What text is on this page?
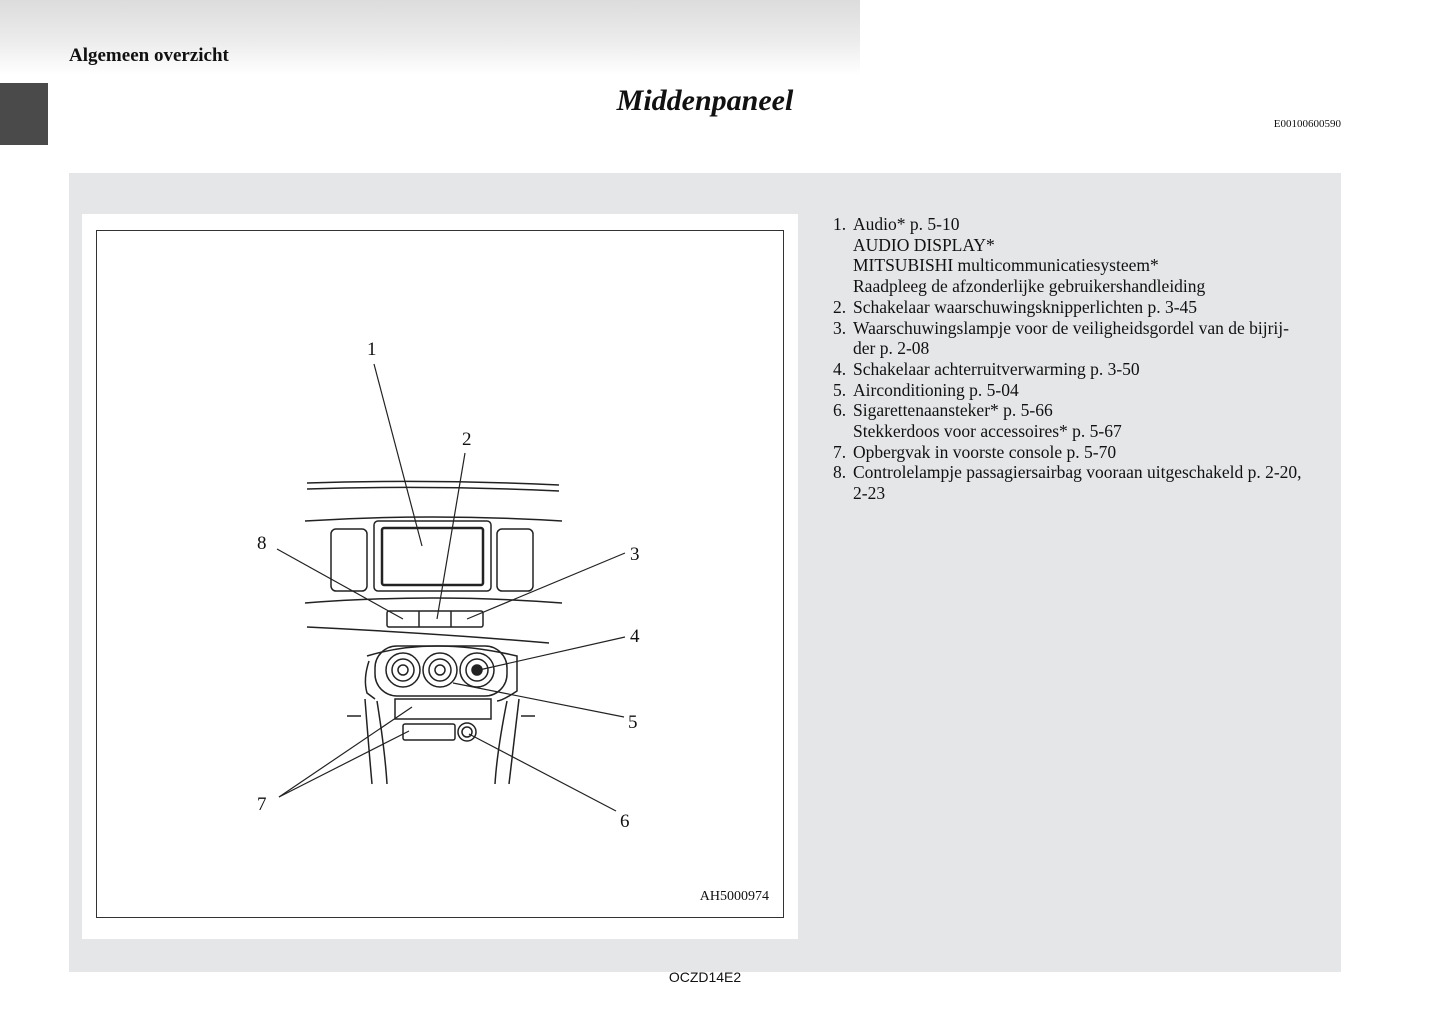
Algemeen overzicht
Middenpaneel
E00100600590
1
2
3
4
5
6
7
8
AH5000974
1. Audio* p. 5-10
AUDIO DISPLAY*
MITSUBISHI multicommunicatiesysteem*
Raadpleeg de afzonderlijke gebruikershandleiding
2. Schakelaar waarschuwingsknipperlichten p. 3-45
3. Waarschuwingslampje voor de veiligheidsgordel van de bijrij-
der p. 2-08
4. Schakelaar achterruitverwarming p. 3-50
5. Airconditioning p. 5-04
6. Sigarettenaansteker* p. 5-66
Stekkerdoos voor accessoires* p. 5-67
7. Opbergvak in voorste console p. 5-70
8. Controlelampje passagiersairbag vooraan uitgeschakeld p. 2-20,
2-23
OCZD14E2
